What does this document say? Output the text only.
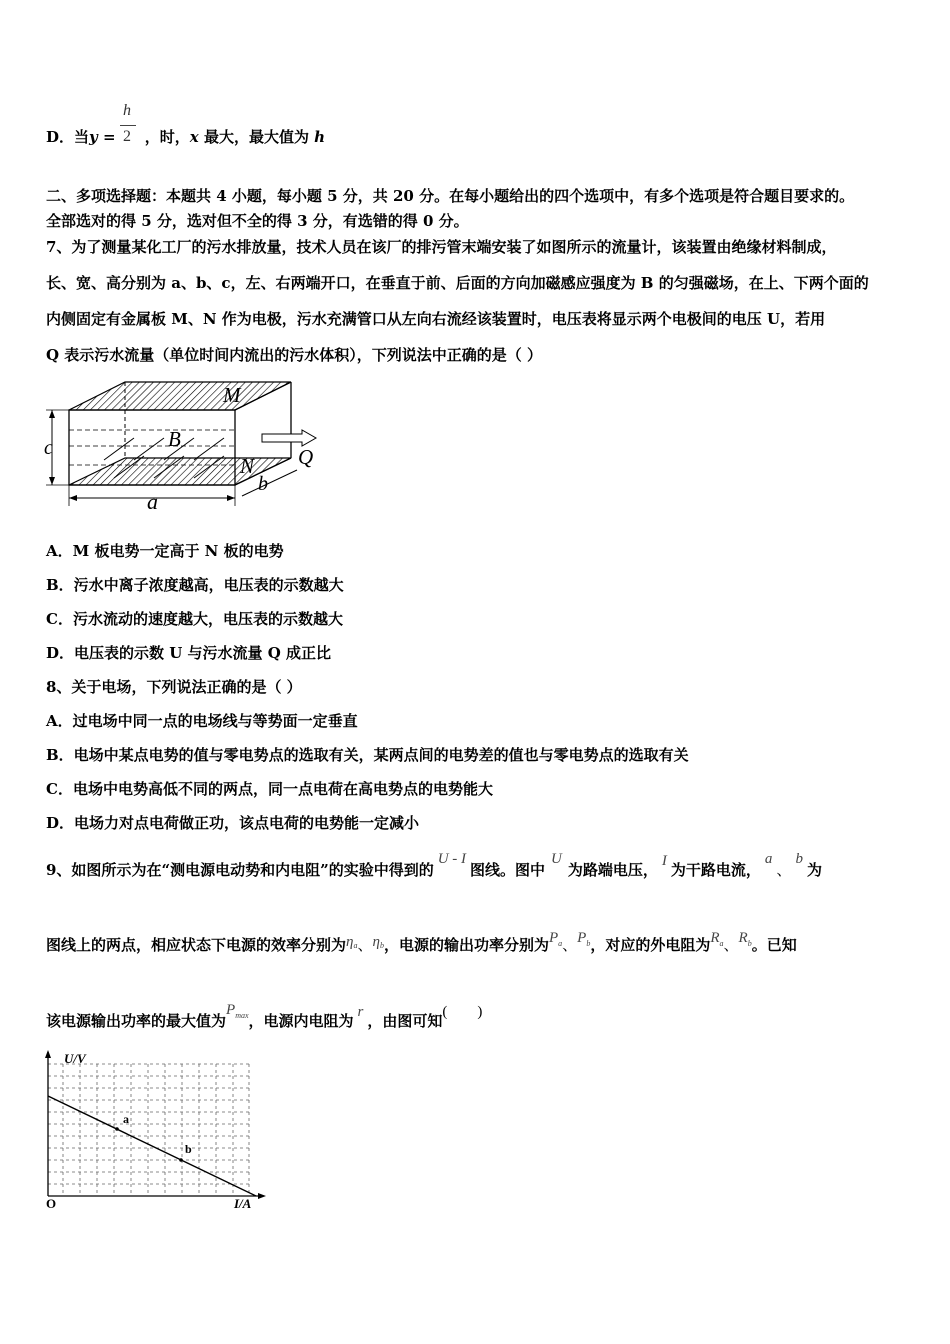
D．当y = ，时，x 最大，最大值为 h
h
2
二、多项选择题：本题共 4 小题，每小题 5 分，共 20 分。在每小题给出的四个选项中，有多个选项是符合题目要求的。
全部选对的得 5 分，选对但不全的得 3 分，有选错的得 0 分。
7、为了测量某化工厂的污水排放量，技术人员在该厂的排污管末端安装了如图所示的流量计，该装置由绝缘材料制成，
长、宽、高分别为 a、b、c，左、右两端开口，在垂直于前、后面的方向加磁感应强度为 B 的匀强磁场，在上、下两个面的
内侧固定有金属板 M、N 作为电极，污水充满管口从左向右流经该装置时，电压表将显示两个电极间的电压 U，若用
Q 表示污水流量（单位时间内流出的污水体积），下列说法中正确的是（ ）
M
N
B
Q
a
b
c
A．M 板电势一定高于 N 板的电势
B．污水中离子浓度越高，电压表的示数越大
C．污水流动的速度越大，电压表的示数越大
D．电压表的示数 U 与污水流量 Q 成正比
8、关于电场，下列说法正确的是（ ）
A．过电场中同一点的电场线与等势面一定垂直
B．电场中某点电势的值与零电势点的选取有关，某两点间的电势差的值也与零电势点的选取有关
C．电场中电势高低不同的两点，同一点电荷在高电势点的电势能大
D．电场力对点电荷做正功，该点电荷的电势能一定减小
9、如图所示为在“测电源电动势和内电阻”的实验中得到的U - I图线。图中U为路端电压， I 为干路电流，a、b为
图线上的两点，相应状态下电源的效率分别为ηa、ηb，电源的输出功率分别为$P^a$、$P^b$，对应的外电阻为$R^a$、$R^b$。已知
该电源输出功率的最大值为$P^{max}$，电源内电阻为 r ，由图可知(        )
a
b
U/V
I/A
O
